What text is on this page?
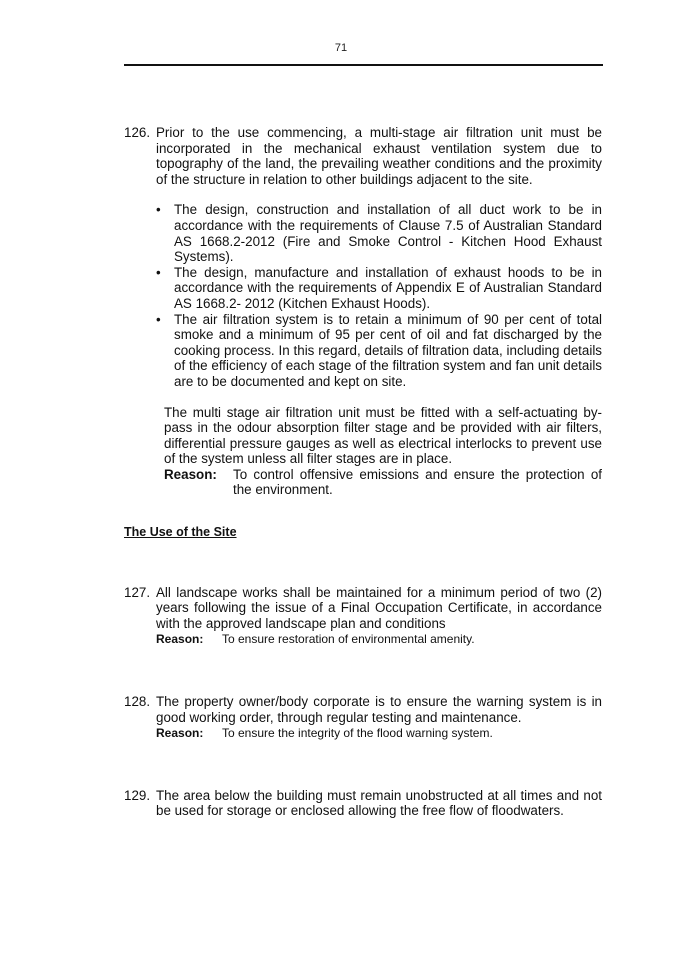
71
126. Prior to the use commencing, a multi-stage air filtration unit must be incorporated in the mechanical exhaust ventilation system due to topography of the land, the prevailing weather conditions and the proximity of the structure in relation to other buildings adjacent to the site.
• The design, construction and installation of all duct work to be in accordance with the requirements of Clause 7.5 of Australian Standard AS 1668.2-2012 (Fire and Smoke Control - Kitchen Hood Exhaust Systems).
• The design, manufacture and installation of exhaust hoods to be in accordance with the requirements of Appendix E of Australian Standard AS 1668.2- 2012 (Kitchen Exhaust Hoods).
• The air filtration system is to retain a minimum of 90 per cent of total smoke and a minimum of 95 per cent of oil and fat discharged by the cooking process. In this regard, details of filtration data, including details of the efficiency of each stage of the filtration system and fan unit details are to be documented and kept on site.
The multi stage air filtration unit must be fitted with a self-actuating by-pass in the odour absorption filter stage and be provided with air filters, differential pressure gauges as well as electrical interlocks to prevent use of the system unless all filter stages are in place.
Reason:	To control offensive emissions and ensure the protection of the environment.
The Use of the Site
127. All landscape works shall be maintained for a minimum period of two (2) years following the issue of a Final Occupation Certificate, in accordance with the approved landscape plan and conditions
Reason:	To ensure restoration of environmental amenity.
128. The property owner/body corporate is to ensure the warning system is in good working order, through regular testing and maintenance.
Reason:	To ensure the integrity of the flood warning system.
129. The area below the building must remain unobstructed at all times and not be used for storage or enclosed allowing the free flow of floodwaters.
